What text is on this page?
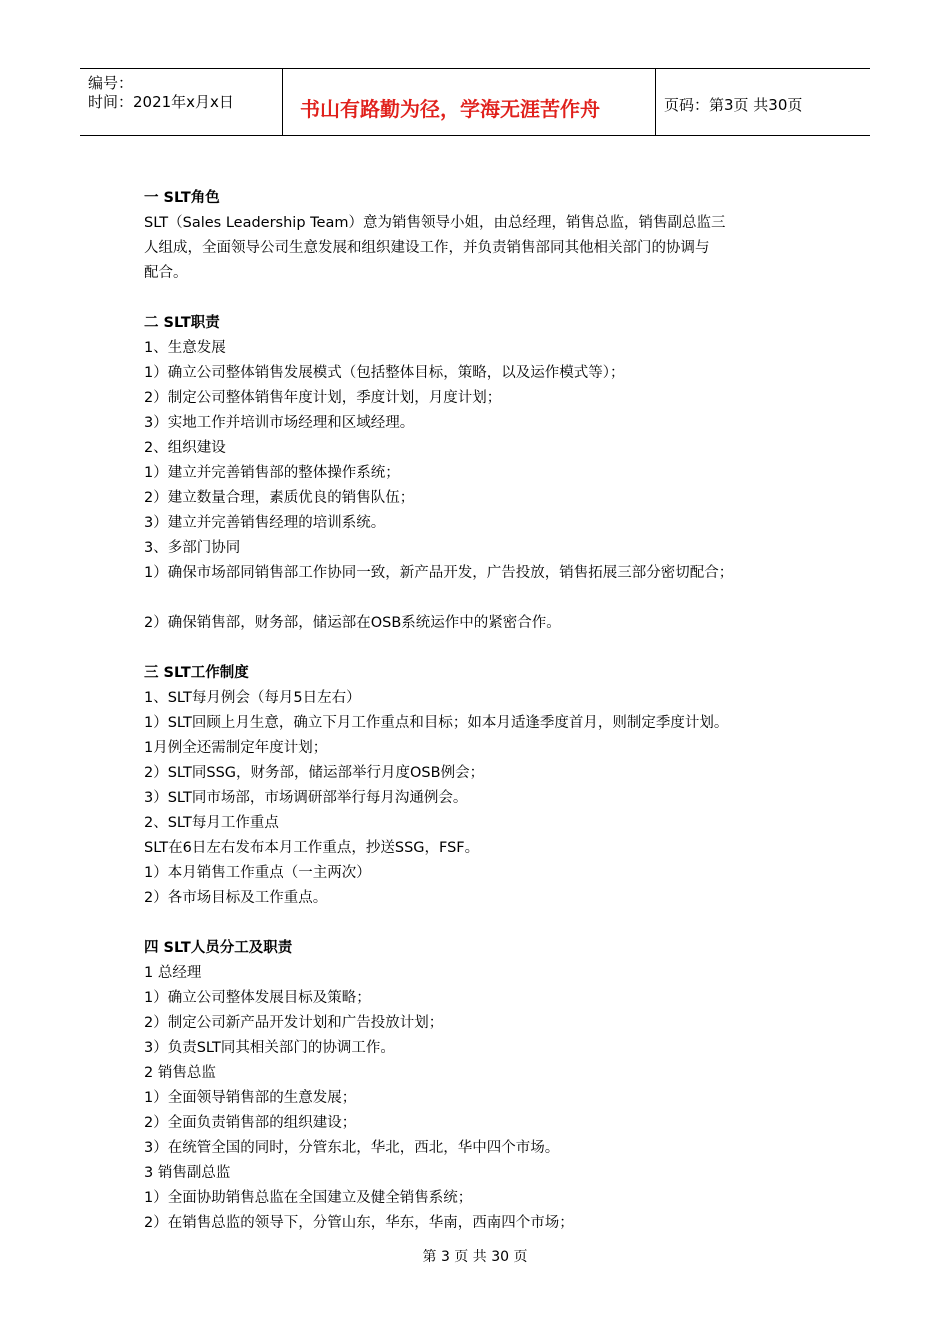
编号：
时间：2021年x月x日	书山有路勤为径，学海无涯苦作舟	页码：第3页 共30页
一 SLT角色
SLT（Sales Leadership Team）意为销售领导小姐，由总经理，销售总监，销售副总监三
人组成，全面领导公司生意发展和组织建设工作，并负责销售部同其他相关部门的协调与
配合。
二 SLT职责
1、生意发展
1）确立公司整体销售发展模式（包括整体目标，策略，以及运作模式等）；
2）制定公司整体销售年度计划，季度计划，月度计划；
3）实地工作并培训市场经理和区域经理。
2、组织建设
1）建立并完善销售部的整体操作系统；
2）建立数量合理，素质优良的销售队伍；
3）建立并完善销售经理的培训系统。
3、多部门协同
1）确保市场部同销售部工作协同一致，新产品开发，广告投放，销售拓展三部分密切配合；
2）确保销售部，财务部，储运部在OSB系统运作中的紧密合作。
三 SLT工作制度
1、SLT每月例会（每月5日左右）
1）SLT回顾上月生意，确立下月工作重点和目标；如本月适逢季度首月，则制定季度计划。
1月例全还需制定年度计划；
2）SLT同SSG，财务部，储运部举行月度OSB例会；
3）SLT同市场部，市场调研部举行每月沟通例会。
2、SLT每月工作重点
SLT在6日左右发布本月工作重点，抄送SSG，FSF。
1）本月销售工作重点（一主两次）
2）各市场目标及工作重点。
四 SLT人员分工及职责
1 总经理
1）确立公司整体发展目标及策略；
2）制定公司新产品开发计划和广告投放计划；
3）负责SLT同其相关部门的协调工作。
2 销售总监
1）全面领导销售部的生意发展；
2）全面负责销售部的组织建设；
3）在统管全国的同时，分管东北，华北，西北，华中四个市场。
3 销售副总监
1）全面协助销售总监在全国建立及健全销售系统；
2）在销售总监的领导下，分管山东，华东，华南，西南四个市场；
第 3 页 共 30 页
